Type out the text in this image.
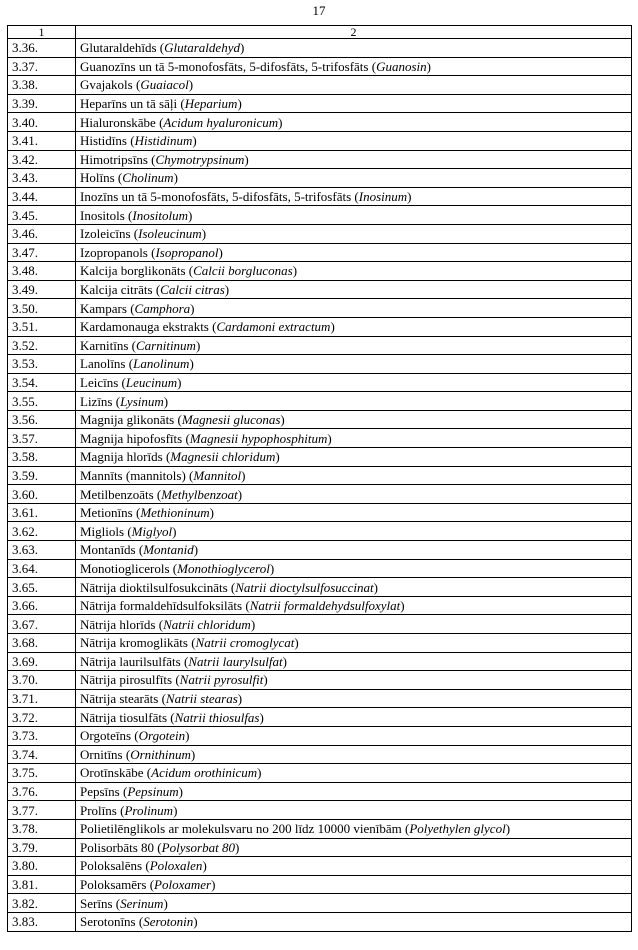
17
1	2
3.36.	Glutaraldehīds (Glutaraldehyd)
3.37.	Guanozīns un tā 5-monofosfāts, 5-difosfāts, 5-trifosfāts (Guanosin)
3.38.	Gvajakols (Guaiacol)
3.39.	Heparīns un tā sāļi (Heparium)
3.40.	Hialuronskābe (Acidum hyaluronicum)
3.41.	Histidīns (Histidinum)
3.42.	Himotripsīns (Chymotrypsinum)
3.43.	Holīns (Cholinum)
3.44.	Inozīns un tā 5-monofosfāts, 5-difosfāts, 5-trifosfāts (Inosinum)
3.45.	Inositols (Inositolum)
3.46.	Izoleicīns (Isoleucinum)
3.47.	Izopropanols (Isopropanol)
3.48.	Kalcija borglikonāts (Calcii borgluconas)
3.49.	Kalcija citrāts (Calcii citras)
3.50.	Kampars (Camphora)
3.51.	Kardamonauga ekstrakts (Cardamoni extractum)
3.52.	Karnitīns (Carnitinum)
3.53.	Lanolīns (Lanolinum)
3.54.	Leicīns (Leucinum)
3.55.	Lizīns (Lysinum)
3.56.	Magnija glikonāts (Magnesii gluconas)
3.57.	Magnija hipofosfīts (Magnesii hypophosphitum)
3.58.	Magnija hlorīds (Magnesii chloridum)
3.59.	Mannīts (mannitols) (Mannitol)
3.60.	Metilbenzoāts (Methylbenzoat)
3.61.	Metionīns (Methioninum)
3.62.	Migliols (Miglyol)
3.63.	Montanīds (Montanid)
3.64.	Monotioglicerols (Monothioglycerol)
3.65.	Nātrija dioktilsulfosukcināts (Natrii dioctylsulfosuccinat)
3.66.	Nātrija formaldehīdsulfoksilāts (Natrii formaldehydsulfoxylat)
3.67.	Nātrija hlorīds (Natrii chloridum)
3.68.	Nātrija kromoglikāts (Natrii cromoglycat)
3.69.	Nātrija laurilsulfāts (Natrii laurylsulfat)
3.70.	Nātrija pirosulfīts (Natrii pyrosulfit)
3.71.	Nātrija stearāts (Natrii stearas)
3.72.	Nātrija tiosulfāts (Natrii thiosulfas)
3.73.	Orgoteīns (Orgotein)
3.74.	Ornitīns (Ornithinum)
3.75.	Orotīnskābe (Acidum orothinicum)
3.76.	Pepsīns (Pepsinum)
3.77.	Prolīns (Prolinum)
3.78.	Polietilēnglikols ar molekulsvaru no 200 līdz 10000 vienībām (Polyethylen glycol)
3.79.	Polisorbāts 80 (Polysorbat 80)
3.80.	Poloksalēns (Poloxalen)
3.81.	Poloksamērs (Poloxamer)
3.82.	Serīns (Serinum)
3.83.	Serotonīns (Serotonin)
